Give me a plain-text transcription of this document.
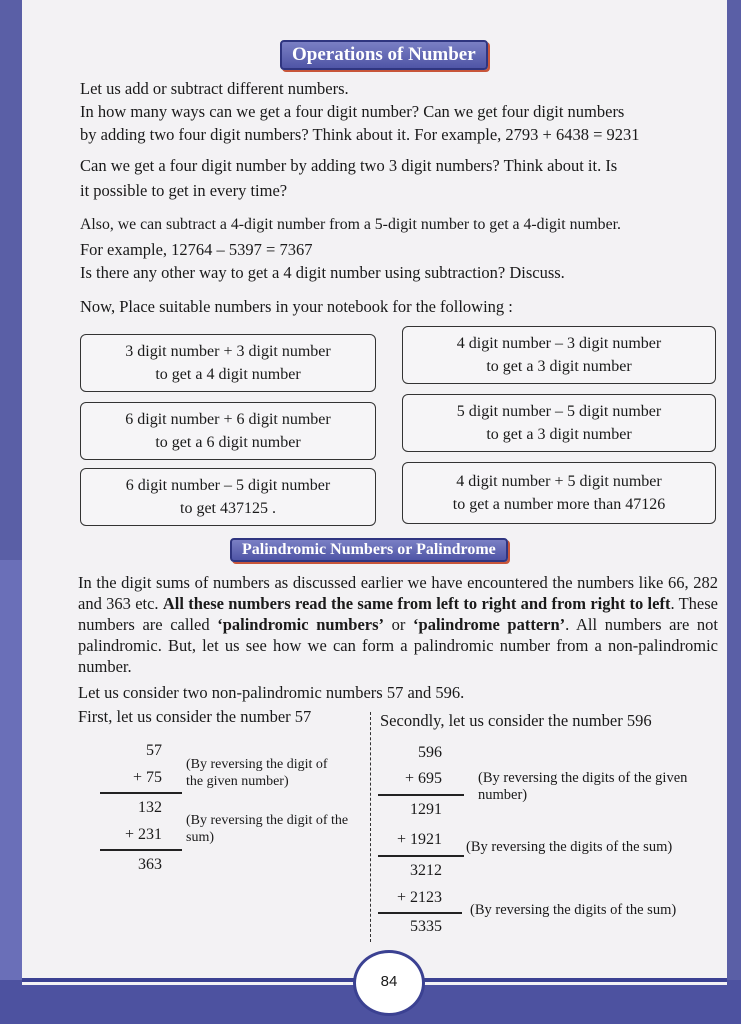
Operations of Number
Let us add or subtract different numbers.
In how many ways can we get a four digit number? Can we get four digit numbers
by adding two four digit numbers? Think about it. For example, 2793 + 6438 = 9231
Can we get a four digit number by adding two 3 digit numbers? Think about it. Is
it possible to get in every time?
Also, we can subtract a 4-digit number from a 5-digit number to get a 4-digit number.
For example, 12764 – 5397 = 7367
Is there any other way to get a 4 digit number using subtraction? Discuss.
Now, Place suitable numbers in your notebook for the following :
3 digit number + 3 digit number
to get a 4 digit number
4 digit number – 3 digit number
to get a 3 digit number
6 digit number + 6 digit number
to get a 6 digit number
5 digit number – 5 digit number
to get a 3 digit number
6 digit number – 5 digit number
to get 437125 .
4 digit number + 5 digit number
to get a number more than 47126
Palindromic Numbers or Palindrome
In the digit sums of numbers as discussed earlier we have encountered the numbers like 66, 282 and 363 etc. All these numbers read the same from left to right and from right to left. These numbers are called ‘palindromic numbers’ or ‘palindrome pattern’. All numbers are not palindromic. But, let us see how we can form a palindromic number from a non-palindromic number.
Let us consider two non-palindromic numbers 57 and 596.
First, let us consider the number 57	Secondly, let us consider the number 596
57
+ 75
132
+ 231
363
(By reversing the digit of the given number)
(By reversing the digit of the sum)
596
+ 695
1291
+ 1921
3212
+ 2123
5335
(By reversing the digits of the given number)
(By reversing the digits of the sum)
(By reversing the digits of the sum)
84
